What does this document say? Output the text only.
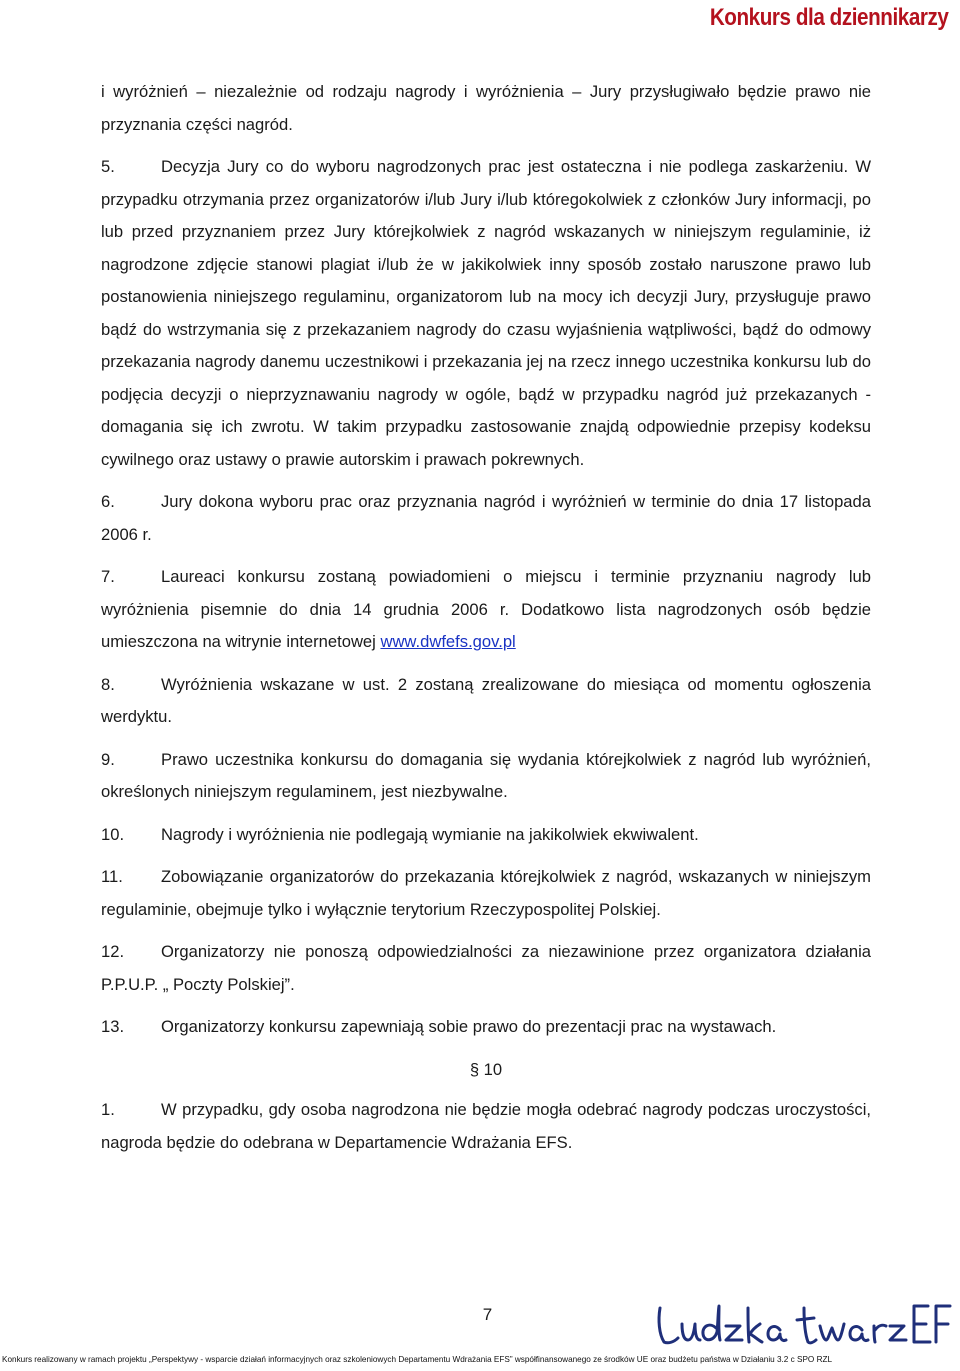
Konkurs dla dziennikarzy

i wyróżnień – niezależnie od rodzaju nagrody i wyróżnienia – Jury przysługiwało będzie prawo nie przyznania części nagród.

5.	Decyzja Jury co do wyboru nagrodzonych prac jest ostateczna i nie podlega zaskarżeniu. W przypadku otrzymania przez organizatorów i/lub Jury i/lub któregokolwiek z członków Jury informacji, po lub przed przyznaniem przez Jury którejkolwiek z nagród wskazanych w niniejszym regulaminie, iż nagrodzone zdjęcie stanowi plagiat i/lub że w jakikolwiek inny sposób zostało naruszone prawo lub postanowienia niniejszego regulaminu, organizatorom lub na mocy ich decyzji Jury, przysługuje prawo bądź do wstrzymania się z przekazaniem nagrody do czasu wyjaśnienia wątpliwości, bądź do odmowy przekazania nagrody danemu uczestnikowi i przekazania jej na rzecz innego uczestnika konkursu lub do podjęcia decyzji o nieprzyznawaniu nagrody w ogóle, bądź w przypadku nagród już przekazanych - domagania się ich zwrotu. W takim przypadku zastosowanie znajdą odpowiednie przepisy kodeksu cywilnego oraz ustawy o prawie autorskim i prawach pokrewnych.

6.	Jury dokona wyboru prac oraz przyznania nagród i wyróżnień w terminie do dnia 17 listopada 2006 r.

7.	Laureaci konkursu zostaną powiadomieni o miejscu i terminie przyznaniu nagrody lub wyróżnienia pisemnie do dnia 14 grudnia 2006 r. Dodatkowo lista nagrodzonych osób będzie umieszczona na witrynie internetowej www.dwfefs.gov.pl

8.	Wyróżnienia wskazane w ust. 2 zostaną zrealizowane do miesiąca od momentu ogłoszenia werdyktu.

9.	Prawo uczestnika konkursu do domagania się wydania którejkolwiek z nagród lub wyróżnień, określonych niniejszym regulaminem, jest niezbywalne.

10. Nagrody i wyróżnienia nie podlegają wymianie na jakikolwiek ekwiwalent.

11. Zobowiązanie organizatorów do przekazania którejkolwiek z nagród, wskazanych w niniejszym regulaminie, obejmuje tylko i wyłącznie terytorium Rzeczypospolitej Polskiej.

12. Organizatorzy nie ponoszą odpowiedzialności za niezawinione przez organizatora działania P.P.U.P. „ Poczty Polskiej”.

13. Organizatorzy konkursu zapewniają sobie prawo do prezentacji prac na wystawach.

§ 10

1.	W przypadku, gdy osoba nagrodzona nie będzie mogła odebrać nagrody podczas uroczystości, nagroda będzie do odebrana w Departamencie Wdrażania EFS.

7
Ludzka twarz EFS
Konkurs realizowany w ramach projektu „Perspektywy - wsparcie działań informacyjnych oraz szkoleniowych Departamentu Wdrażania EFS” współfinansowanego ze środków UE oraz budżetu państwa w Działaniu 3.2 c SPO RZL
